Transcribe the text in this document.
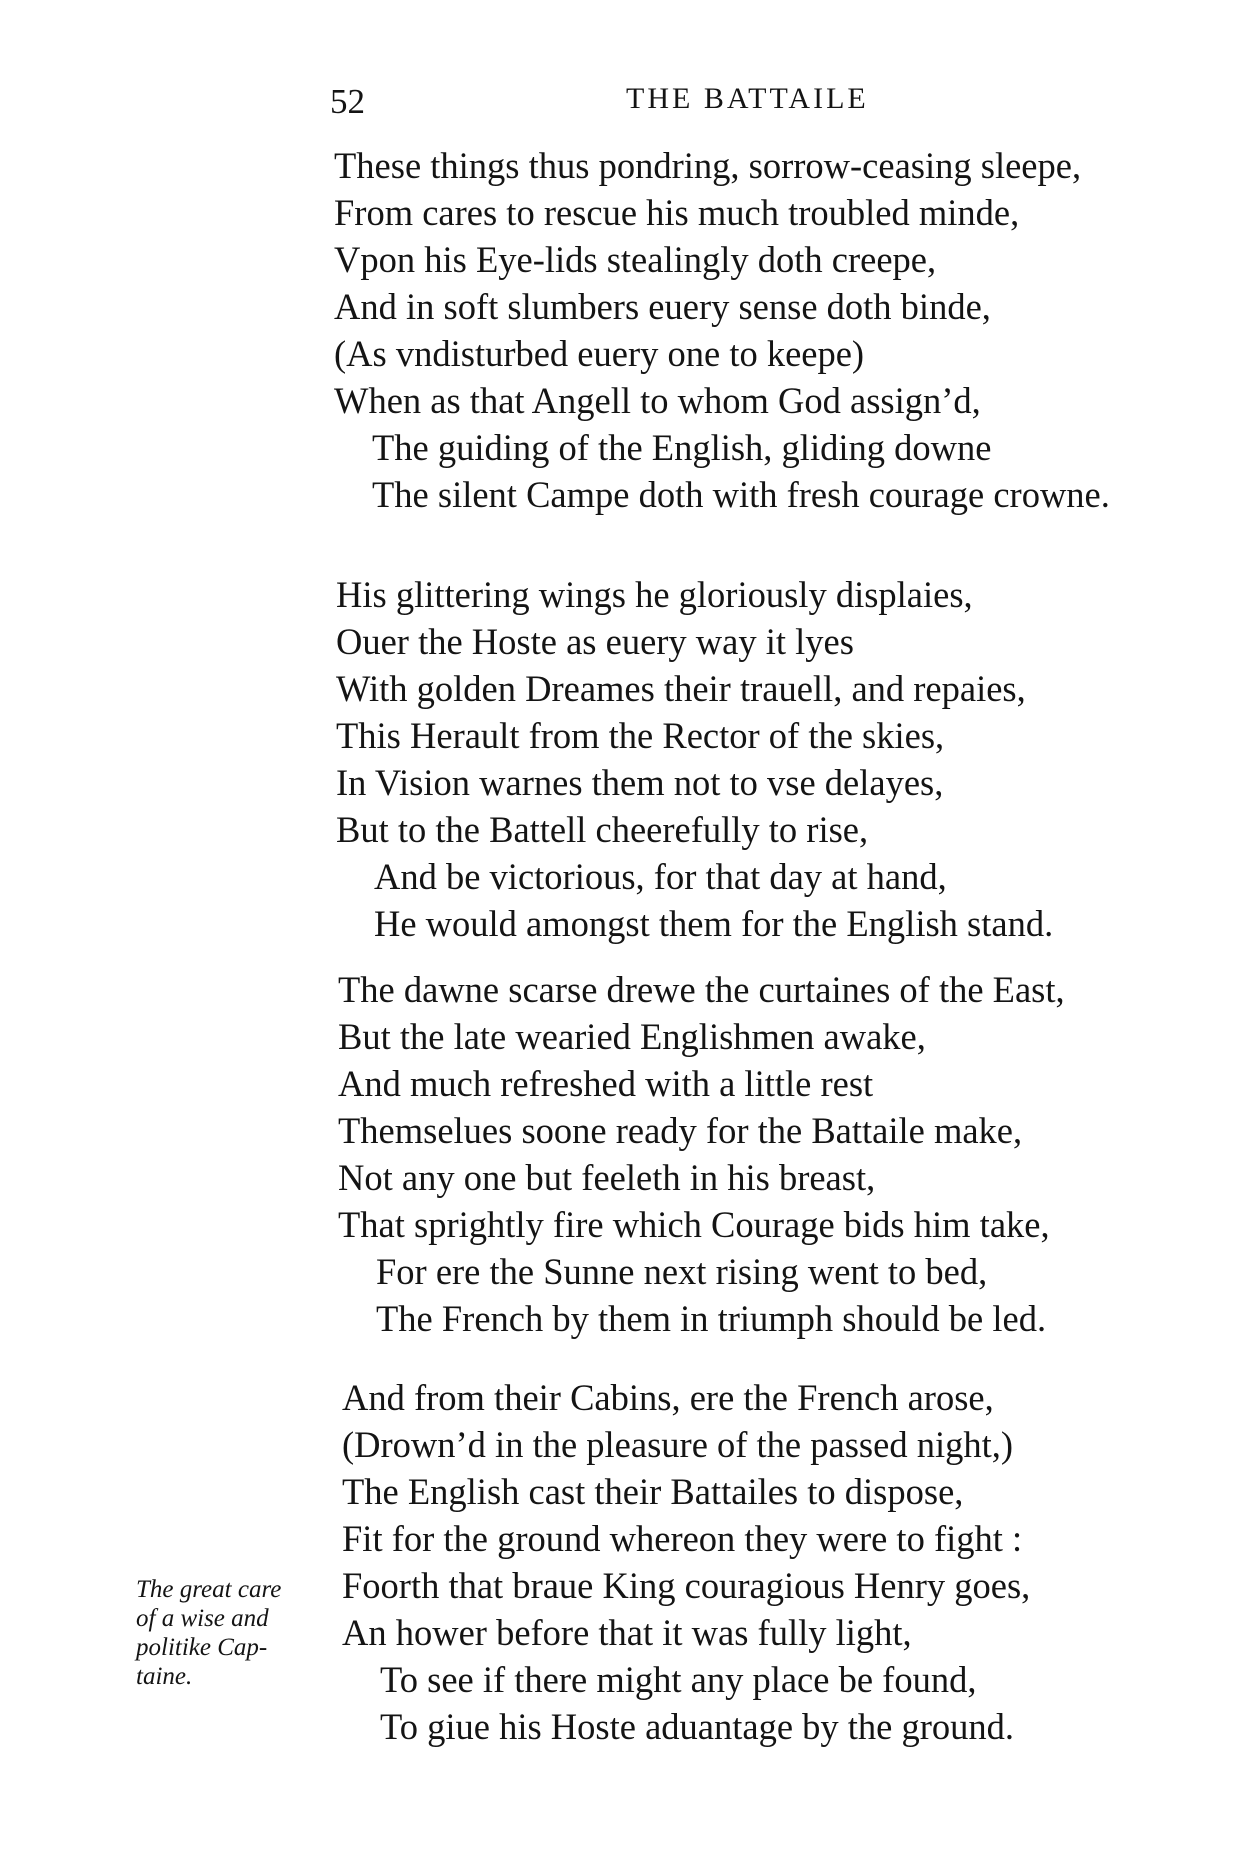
52	THE BATTAILE
These things thus pondring, sorrow-ceasing sleepe,
From cares to rescue his much troubled minde,
Vpon his Eye-lids stealingly doth creepe,
And in soft slumbers euery sense doth binde,
(As vndisturbed euery one to keepe)
When as that Angell to whom God assign’d,
The guiding of the English, gliding downe
The silent Campe doth with fresh courage crowne.
His glittering wings he gloriously displaies,
Ouer the Hoste as euery way it lyes
With golden Dreames their trauell, and repaies,
This Herault from the Rector of the skies,
In Vision warnes them not to vse delayes,
But to the Battell cheerefully to rise,
And be victorious, for that day at hand,
He would amongst them for the English stand.
The dawne scarse drewe the curtaines of the East,
But the late wearied Englishmen awake,
And much refreshed with a little rest
Themselues soone ready for the Battaile make,
Not any one but feeleth in his breast,
That sprightly fire which Courage bids him take,
For ere the Sunne next rising went to bed,
The French by them in triumph should be led.
And from their Cabins, ere the French arose,
(Drown’d in the pleasure of the passed night,)
The English cast their Battailes to dispose,
Fit for the ground whereon they were to fight :
Foorth that braue King couragious Henry goes,
An hower before that it was fully light,
To see if there might any place be found,
To giue his Hoste aduantage by the ground.
The great care
of a wise and
politike Cap-
taine.
